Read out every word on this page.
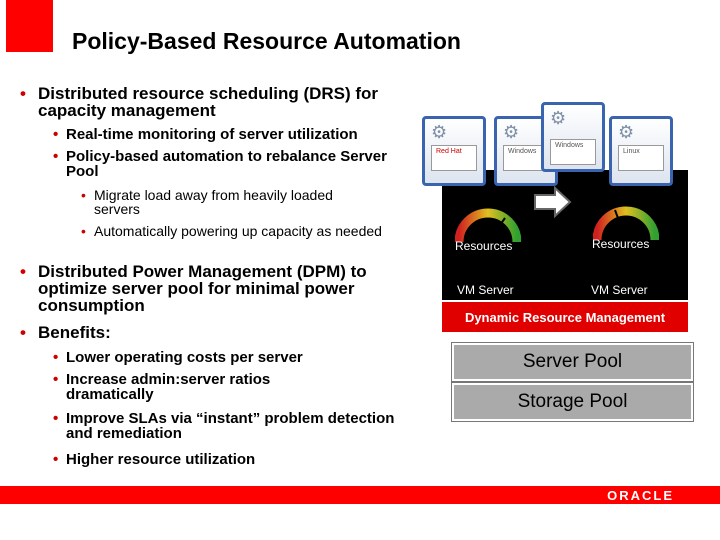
Policy-Based Resource Automation
• Distributed resource scheduling (DRS) for capacity management
• Real-time monitoring of server utilization
• Policy-based automation to rebalance Server Pool
• Migrate load away from heavily loaded servers
• Automatically powering up capacity as needed
• Distributed Power Management (DPM) to optimize server pool for minimal power consumption
• Benefits:
• Lower operating costs per server
• Increase admin:server ratios dramatically
• Improve SLAs via “instant” problem detection and remediation
• Higher resource utilization
⚙
Red Hat
⚙
Windows
⚙
Windows
⚙
Linux
Resources	Resources
VM Server	VM Server
Dynamic Resource Management
Server Pool
Storage Pool
ORACLE
